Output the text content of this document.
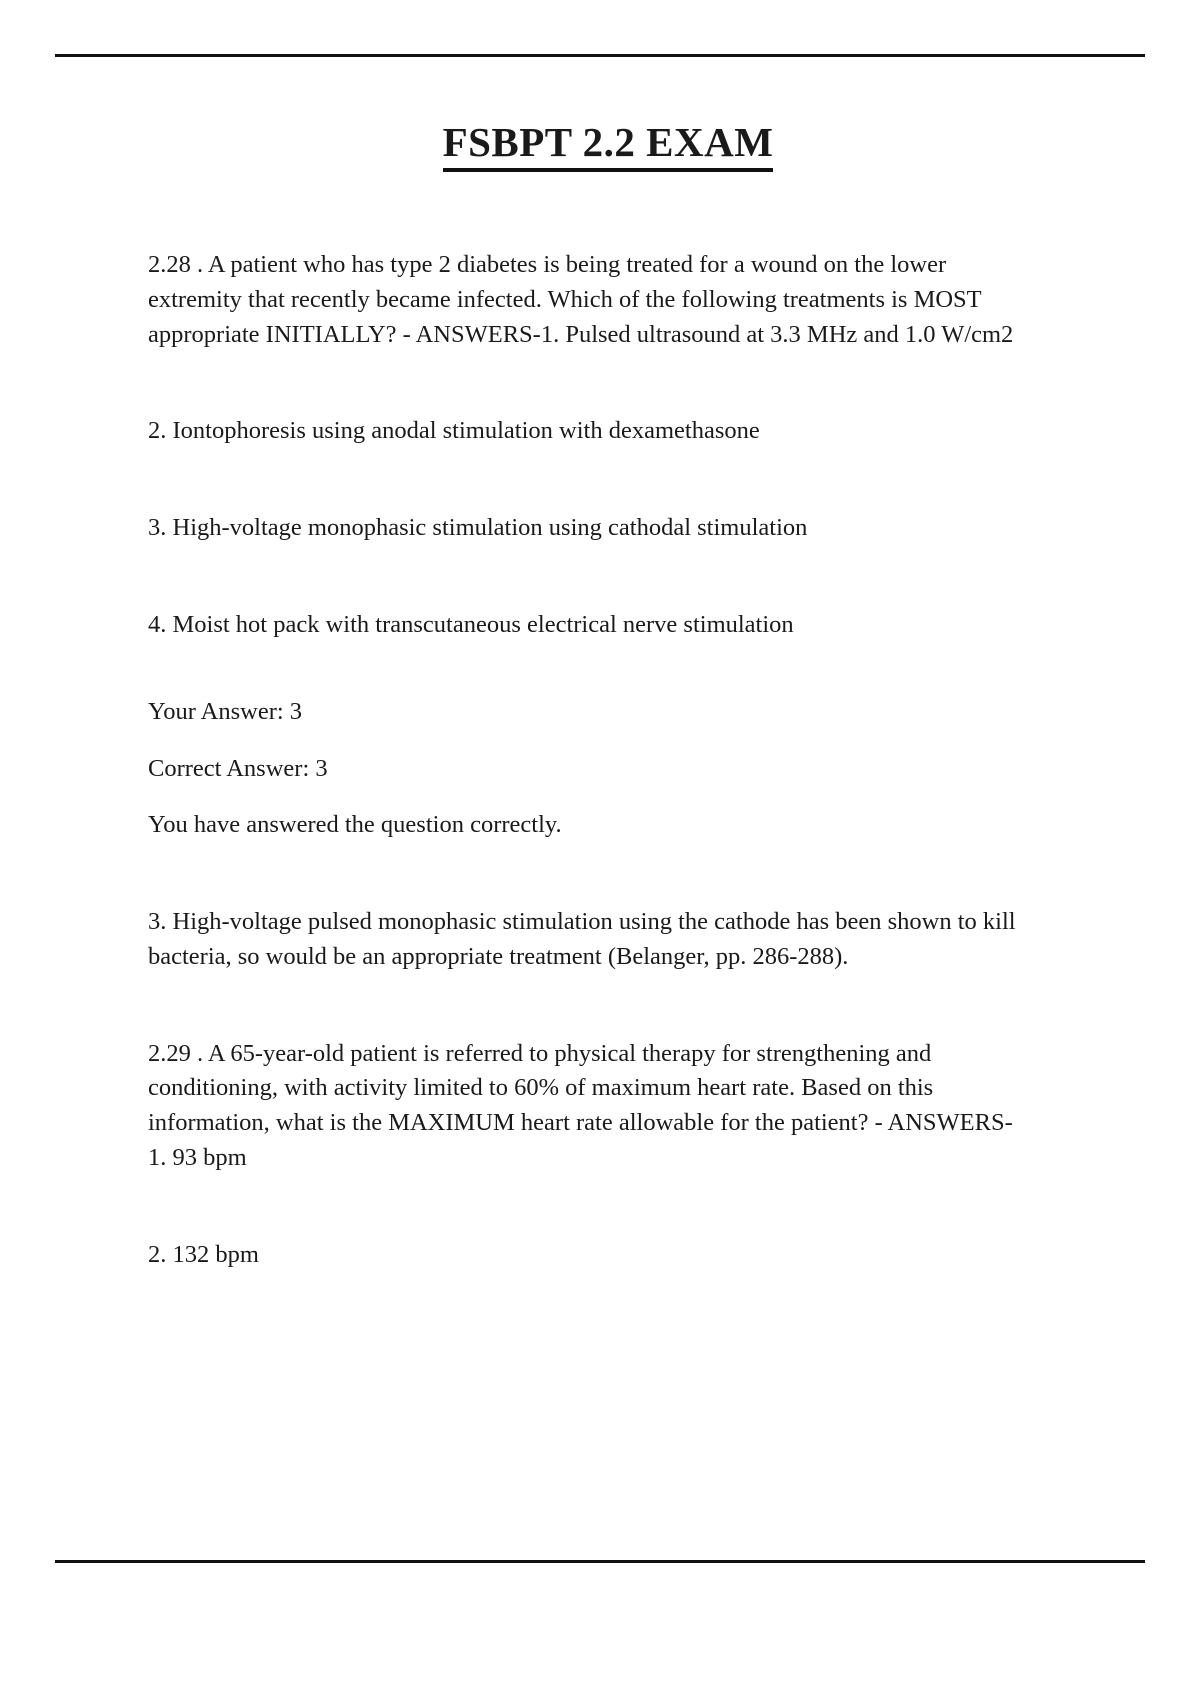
FSBPT 2.2 EXAM

2.28 . A patient who has type 2 diabetes is being treated for a wound on the lower extremity that recently became infected. Which of the following treatments is MOST appropriate INITIALLY? - ANSWERS-1. Pulsed ultrasound at 3.3 MHz and 1.0 W/cm2

2. Iontophoresis using anodal stimulation with dexamethasone

3. High-voltage monophasic stimulation using cathodal stimulation

4. Moist hot pack with transcutaneous electrical nerve stimulation

Your Answer: 3
Correct Answer: 3
You have answered the question correctly.

3. High-voltage pulsed monophasic stimulation using the cathode has been shown to kill bacteria, so would be an appropriate treatment (Belanger, pp. 286-288).

2.29 . A 65-year-old patient is referred to physical therapy for strengthening and conditioning, with activity limited to 60% of maximum heart rate. Based on this information, what is the MAXIMUM heart rate allowable for the patient? - ANSWERS-1. 93 bpm

2. 132 bpm
